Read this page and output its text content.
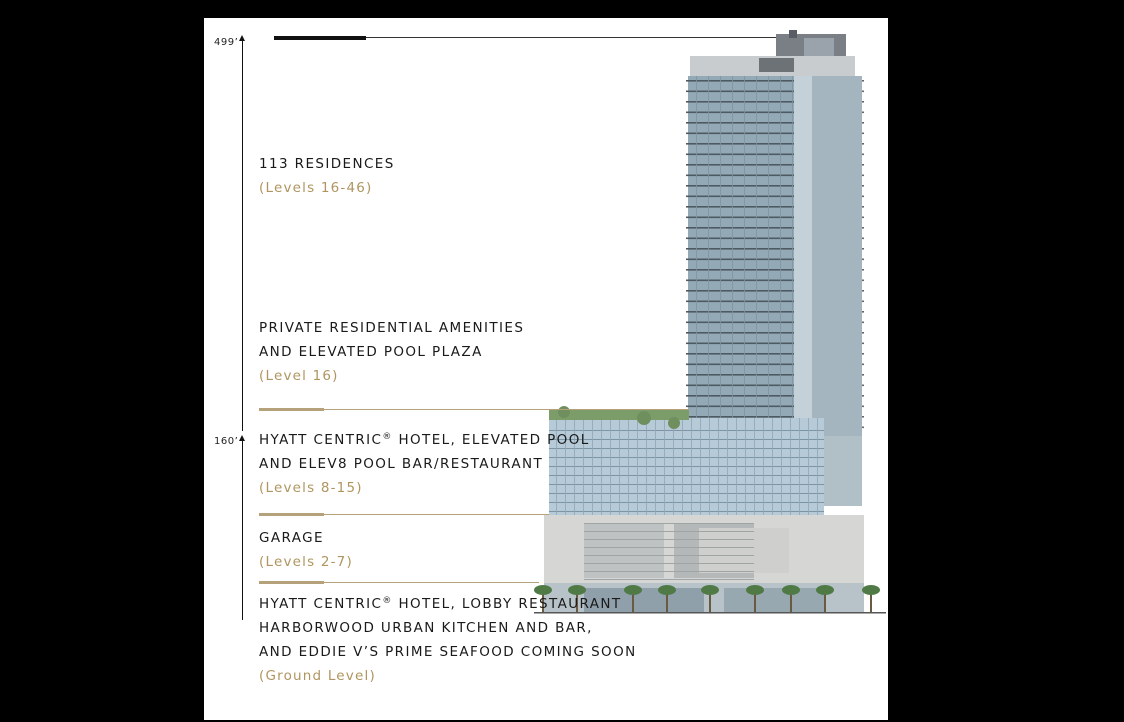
499’
160’
113 RESIDENCES
(Levels 16-46)
PRIVATE RESIDENTIAL AMENITIES
AND ELEVATED POOL PLAZA
(Level 16)
HYATT CENTRIC® HOTEL, ELEVATED POOL
AND ELEV8 POOL BAR/RESTAURANT
(Levels 8-15)
GARAGE
(Levels 2-7)
HYATT CENTRIC® HOTEL, LOBBY RESTAURANT
HARBORWOOD URBAN KITCHEN AND BAR,
AND EDDIE V’S PRIME SEAFOOD COMING SOON
(Ground Level)
